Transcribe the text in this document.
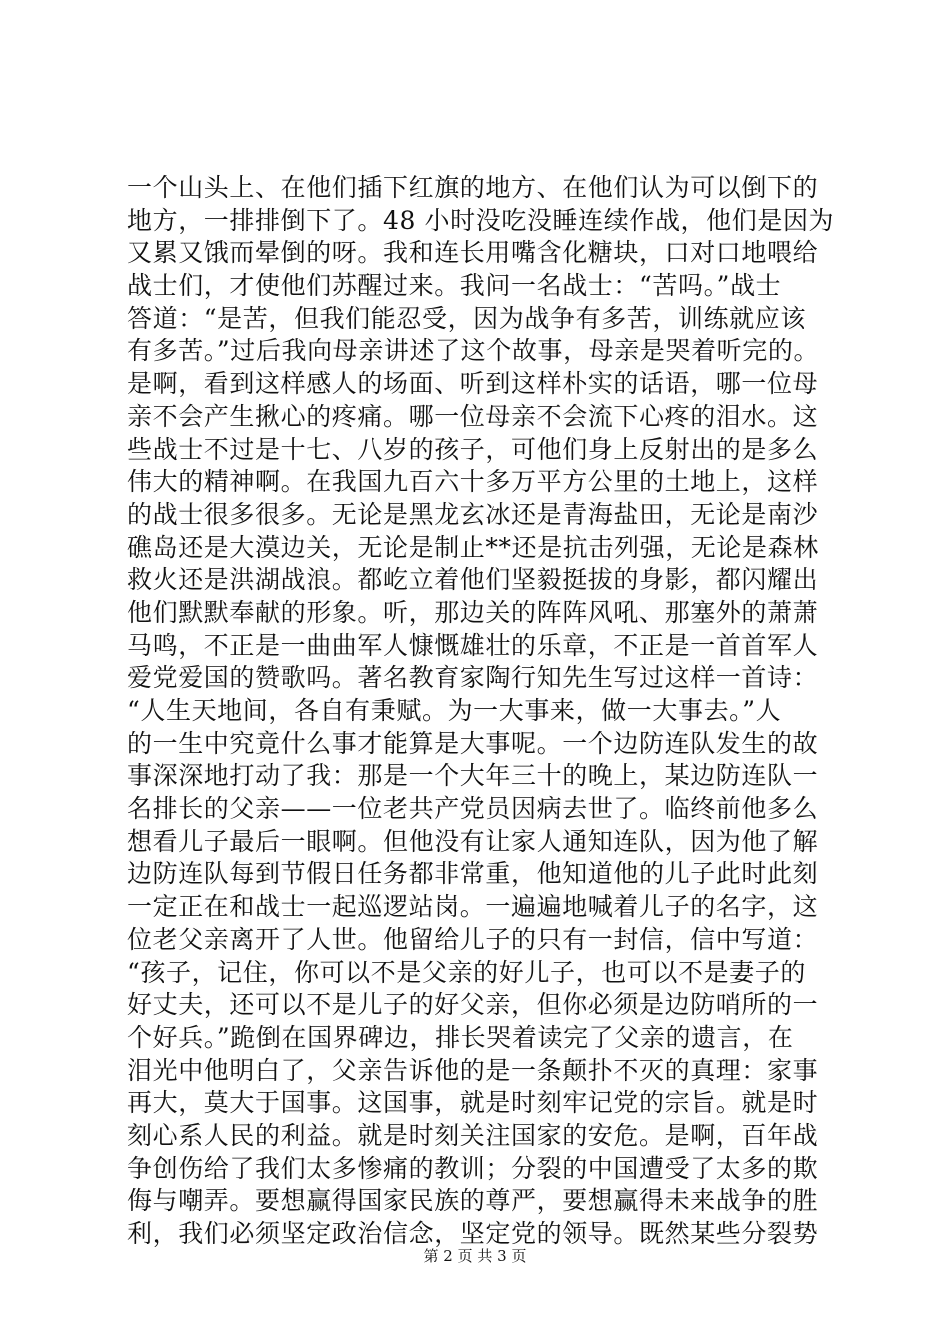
一个山头上、在他们插下红旗的地方、在他们认为可以倒下的
地方，一排排倒下了。48 小时没吃没睡连续作战，他们是因为
又累又饿而晕倒的呀。我和连长用嘴含化糖块，口对口地喂给
战士们，才使他们苏醒过来。我问一名战士：“苦吗。”战士
答道：“是苦，但我们能忍受，因为战争有多苦，训练就应该
有多苦。”过后我向母亲讲述了这个故事，母亲是哭着听完的。
是啊，看到这样感人的场面、听到这样朴实的话语，哪一位母
亲不会产生揪心的疼痛。哪一位母亲不会流下心疼的泪水。这
些战士不过是十七、八岁的孩子，可他们身上反射出的是多么
伟大的精神啊。在我国九百六十多万平方公里的土地上，这样
的战士很多很多。无论是黑龙玄冰还是青海盐田，无论是南沙
礁岛还是大漠边关，无论是制止**还是抗击列强，无论是森林
救火还是洪湖战浪。都屹立着他们坚毅挺拔的身影，都闪耀出
他们默默奉献的形象。听，那边关的阵阵风吼、那塞外的萧萧
马鸣，不正是一曲曲军人慷慨雄壮的乐章，不正是一首首军人
爱党爱国的赞歌吗。著名教育家陶行知先生写过这样一首诗：
“人生天地间，各自有秉赋。为一大事来，做一大事去。”人
的一生中究竟什么事才能算是大事呢。一个边防连队发生的故
事深深地打动了我：那是一个大年三十的晚上，某边防连队一
名排长的父亲——一位老共产党员因病去世了。临终前他多么
想看儿子最后一眼啊。但他没有让家人通知连队，因为他了解
边防连队每到节假日任务都非常重，他知道他的儿子此时此刻
一定正在和战士一起巡逻站岗。一遍遍地喊着儿子的名字，这
位老父亲离开了人世。他留给儿子的只有一封信，信中写道：
“孩子，记住，你可以不是父亲的好儿子，也可以不是妻子的
好丈夫，还可以不是儿子的好父亲，但你必须是边防哨所的一
个好兵。”跪倒在国界碑边，排长哭着读完了父亲的遗言，在
泪光中他明白了，父亲告诉他的是一条颠扑不灭的真理：家事
再大，莫大于国事。这国事，就是时刻牢记党的宗旨。就是时
刻心系人民的利益。就是时刻关注国家的安危。是啊，百年战
争创伤给了我们太多惨痛的教训；分裂的中国遭受了太多的欺
侮与嘲弄。要想赢得国家民族的尊严，要想赢得未来战争的胜
利，我们必须坚定政治信念，坚定党的领导。既然某些分裂势
第 2 页 共 3 页
